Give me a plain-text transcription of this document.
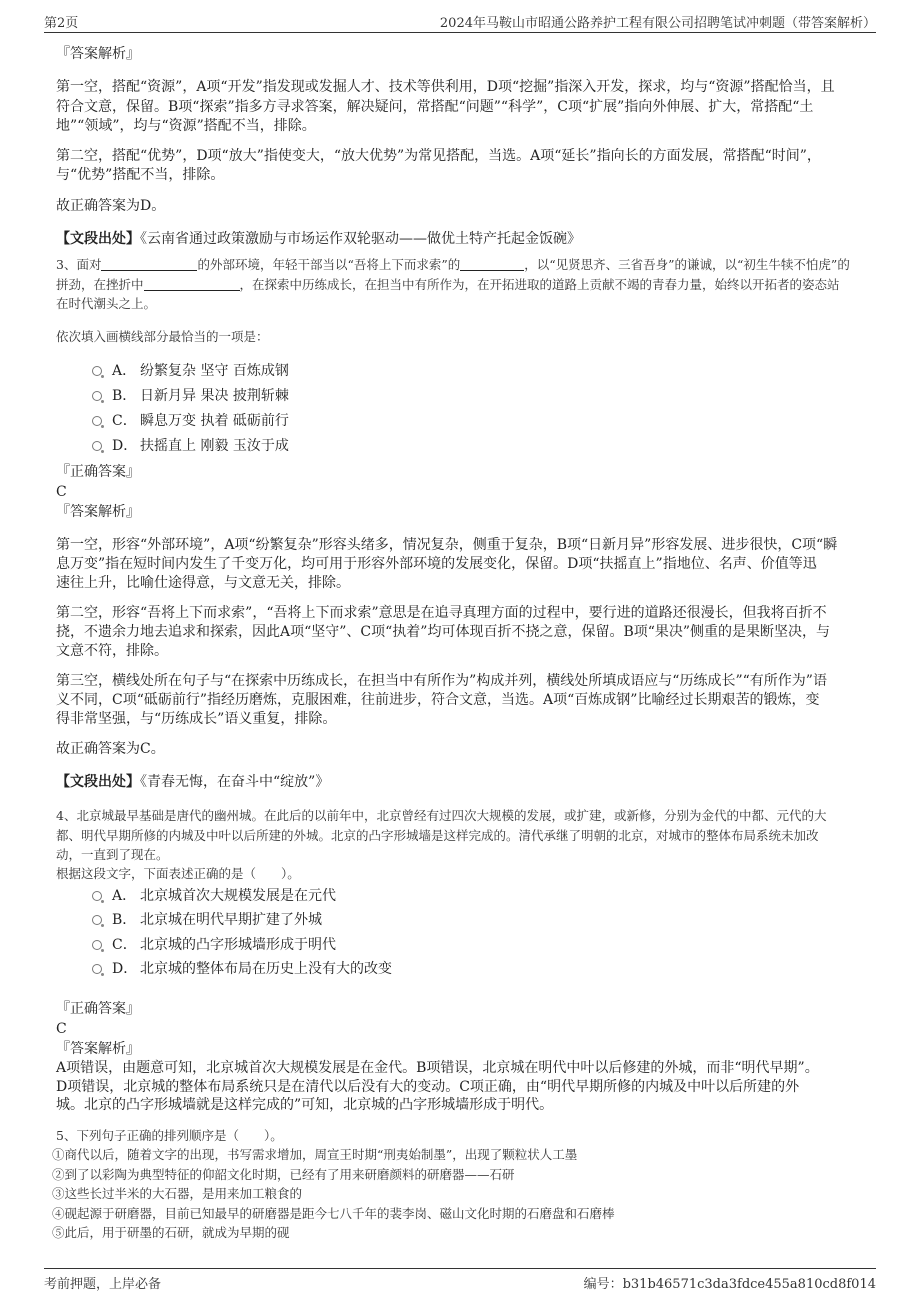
第2页	2024年马鞍山市昭通公路养护工程有限公司招聘笔试冲刺题（带答案解析）
『答案解析』
第一空，搭配“资源”，A项“开发”指发现或发掘人才、技术等供利用，D项“挖掘”指深入开发，探求，均与“资源”搭配恰当，且
符合文意，保留。B项“探索”指多方寻求答案，解决疑问，常搭配“问题”“科学”，C项“扩展”指向外伸展、扩大，常搭配“土
地”“领域”，均与“资源”搭配不当，排除。
第二空，搭配“优势”，D项“放大”指使变大，“放大优势”为常见搭配，当选。A项“延长”指向长的方面发展，常搭配“时间”，
与“优势”搭配不当，排除。
故正确答案为D。
【文段出处】《云南省通过政策激励与市场运作双轮驱动——做优土特产托起金饭碗》
3、面对	的外部环境，年轻干部当以“吾将上下而求索”的	，以“见贤思齐、三省吾身”的谦诚，以“初生牛犊不怕虎”的
拼劲，在挫折中	，在探索中历练成长，在担当中有所作为，在开拓进取的道路上贡献不竭的青春力量，始终以开拓者的姿态站
在时代潮头之上。
依次填入画横线部分最恰当的一项是：
A． 纷繁复杂 坚守 百炼成钢
B． 日新月异 果决 披荆斩棘
C． 瞬息万变 执着 砥砺前行
D． 扶摇直上 刚毅 玉汝于成
『正确答案』
C
『答案解析』
第一空，形容“外部环境”，A项“纷繁复杂”形容头绪多，情况复杂，侧重于复杂，B项“日新月异”形容发展、进步很快，C项“瞬
息万变”指在短时间内发生了千变万化，均可用于形容外部环境的发展变化，保留。D项“扶摇直上”指地位、名声、价值等迅
速往上升，比喻仕途得意，与文意无关，排除。
第二空，形容“吾将上下而求索”，“吾将上下而求索”意思是在追寻真理方面的过程中，要行进的道路还很漫长，但我将百折不
挠，不遗余力地去追求和探索，因此A项“坚守”、C项“执着”均可体现百折不挠之意，保留。B项“果决”侧重的是果断坚决，与
文意不符，排除。
第三空，横线处所在句子与“在探索中历练成长，在担当中有所作为”构成并列，横线处所填成语应与“历练成长”“有所作为”语
义不同，C项“砥砺前行”指经历磨炼，克服困难，往前进步，符合文意，当选。A项“百炼成钢”比喻经过长期艰苦的锻炼，变
得非常坚强，与“历练成长”语义重复，排除。
故正确答案为C。
【文段出处】《青春无悔，在奋斗中“绽放”》
4、北京城最早基础是唐代的幽州城。在此后的以前年中，北京曾经有过四次大规模的发展，或扩建，或新修，分别为金代的中都、元代的大
都、明代早期所修的内城及中叶以后所建的外城。北京的凸字形城墙是这样完成的。清代承继了明朝的北京，对城市的整体布局系统未加改
动，一直到了现在。
根据这段文字，下面表述正确的是（　　）。
A． 北京城首次大规模发展是在元代
B． 北京城在明代早期扩建了外城
C． 北京城的凸字形城墙形成于明代
D． 北京城的整体布局在历史上没有大的改变
『正确答案』
C
『答案解析』
A项错误，由题意可知，北京城首次大规模发展是在金代。B项错误，北京城在明代中叶以后修建的外城，而非“明代早期”。
D项错误，北京城的整体布局系统只是在清代以后没有大的变动。C项正确，由“明代早期所修的内城及中叶以后所建的外
城。北京的凸字形城墙就是这样完成的”可知，北京城的凸字形城墙形成于明代。
5、下列句子正确的排列顺序是（　　）。
①商代以后，随着文字的出现，书写需求增加，周宣王时期“刑夷始制墨”，出现了颗粒状人工墨
②到了以彩陶为典型特征的仰韶文化时期，已经有了用来研磨颜料的研磨器——石研
③这些长过半米的大石器，是用来加工粮食的
④砚起源于研磨器，目前已知最早的研磨器是距今七八千年的裴李岗、磁山文化时期的石磨盘和石磨棒
⑤此后，用于研墨的石研，就成为早期的砚
考前押题，上岸必备	编号：b31b46571c3da3fdce455a810cd8f014
